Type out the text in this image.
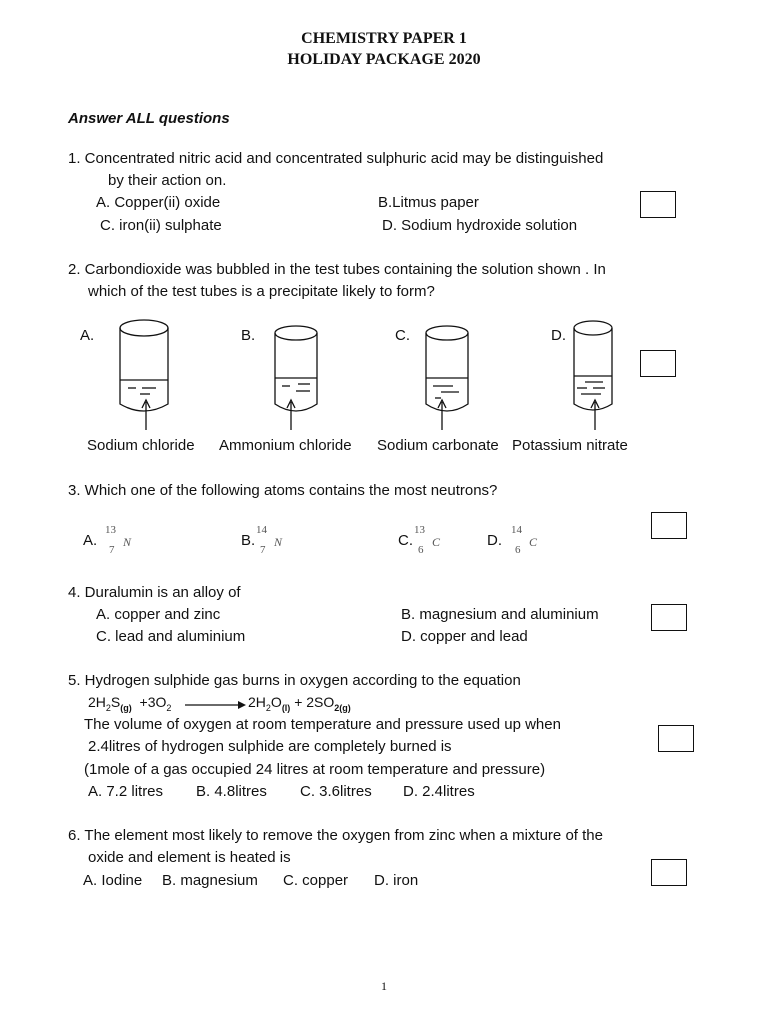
CHEMISTRY PAPER 1
HOLIDAY PACKAGE 2020
Answer ALL questions
1. Concentrated nitric acid and concentrated sulphuric acid may be distinguished
by their action on.
A. Copper(ii) oxide	B.Litmus paper
C. iron(ii) sulphate	D. Sodium hydroxide solution
2. Carbondioxide was bubbled in the test tubes containing the solution shown . In
which of the test tubes is a precipitate likely to form?
A.	B.	C.	D.
Sodium chloride Ammonium chloride Sodium carbonate Potassium nitrate
3. Which one of the following atoms contains the most neutrons?
A.
13
7
N	B.
14
7
N	C.
13
6
C	D.
14
6
C
4. Duralumin is an alloy of
A. copper and zinc	B. magnesium and aluminium
C. lead and aluminium	D. copper and lead
5. Hydrogen sulphide gas burns in oxygen according to the equation
$2H_2S_{(g)} +3O_2$	$2H_2O_{(l)} + 2SO_{2(g)}$
The volume of oxygen at room temperature and pressure used up when
2.4litres of hydrogen sulphide are completely burned is
(1mole of a gas occupied 24 litres at room temperature and pressure)
A. 7.2 litres B. 4.8litres C. 3.6litres D. 2.4litres
6. The element most likely to remove the oxygen from zinc when a mixture of the
oxide and element is heated is
A. Iodine B. magnesium C. copper D. iron
1
